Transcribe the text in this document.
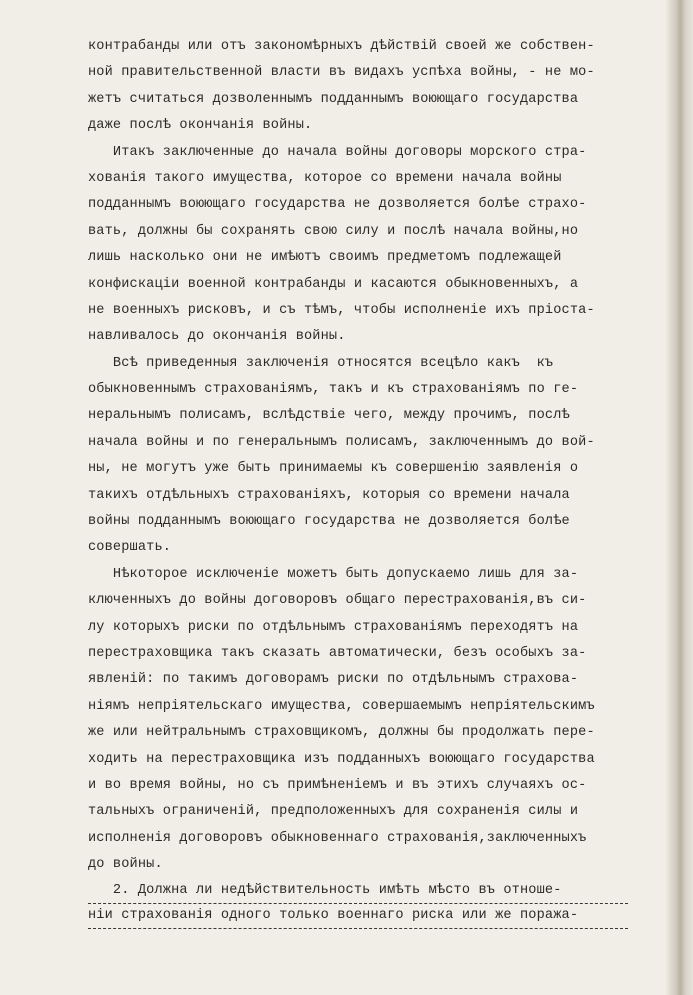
контрабанды или отъ закономѣрныхъ дѣйствiй своей же собствен-
ной правительственной власти въ видахъ успѣха войны, - не мо-
жетъ считаться дозволеннымъ подданнымъ воюющаго государства
даже послѣ окончанiя войны.
Итакъ заключенные до начала войны договоры морского стра-
хованiя такого имущества, которое со времени начала войны
подданнымъ воюющаго государства не дозволяется болѣе страхо-
вать, должны бы сохранять свою силу и послѣ начала войны,но
лишь насколько они не имѣютъ своимъ предметомъ подлежащей
конфискацiи военной контрабанды и касаются обыкновенныхъ, а
не военныхъ рисковъ, и съ тѣмъ, чтобы исполненiе ихъ прiоста-
навливалось до окончанiя войны.
Всѣ приведенныя заключенiя относятся всецѣло какъ  къ
обыкновеннымъ страхованiямъ, такъ и къ страхованiямъ по ге-
неральнымъ полисамъ, вслѣдствiе чего, между прочимъ, послѣ
начала войны и по генеральнымъ полисамъ, заключеннымъ до вой-
ны, не могутъ уже быть принимаемы къ совершенiю заявленiя о
такихъ отдѣльныхъ страхованiяхъ, которыя со времени начала
войны подданнымъ воюющаго государства не дозволяется болѣе
совершать.
Нѣкоторое исключенiе можетъ быть допускаемо лишь для за-
ключенныхъ до войны договоровъ общаго перестрахованiя,въ си-
лу которыхъ риски по отдѣльнымъ страхованiямъ переходятъ на
перестраховщика такъ сказать автоматически, безъ особыхъ за-
явленiй: по такимъ договорамъ риски по отдѣльнымъ страхова-
нiямъ непрiятельскаго имущества, совершаемымъ непрiятельскимъ
же или нейтральнымъ страховщикомъ, должны бы продолжать пере-
ходить на перестраховщика изъ подданныхъ воюющаго государства
и во время войны, но съ примѣненiемъ и въ этихъ случаяхъ ос-
тальныхъ ограниченiй, предположенныхъ для сохраненiя силы и
исполненiя договоровъ обыкновеннаго страхованiя,заключенныхъ
до войны.
2. Должна ли недѣйствительность имѣть мѣсто въ отноше-
нiи страхованiя одного только военнаго риска или же поража-
